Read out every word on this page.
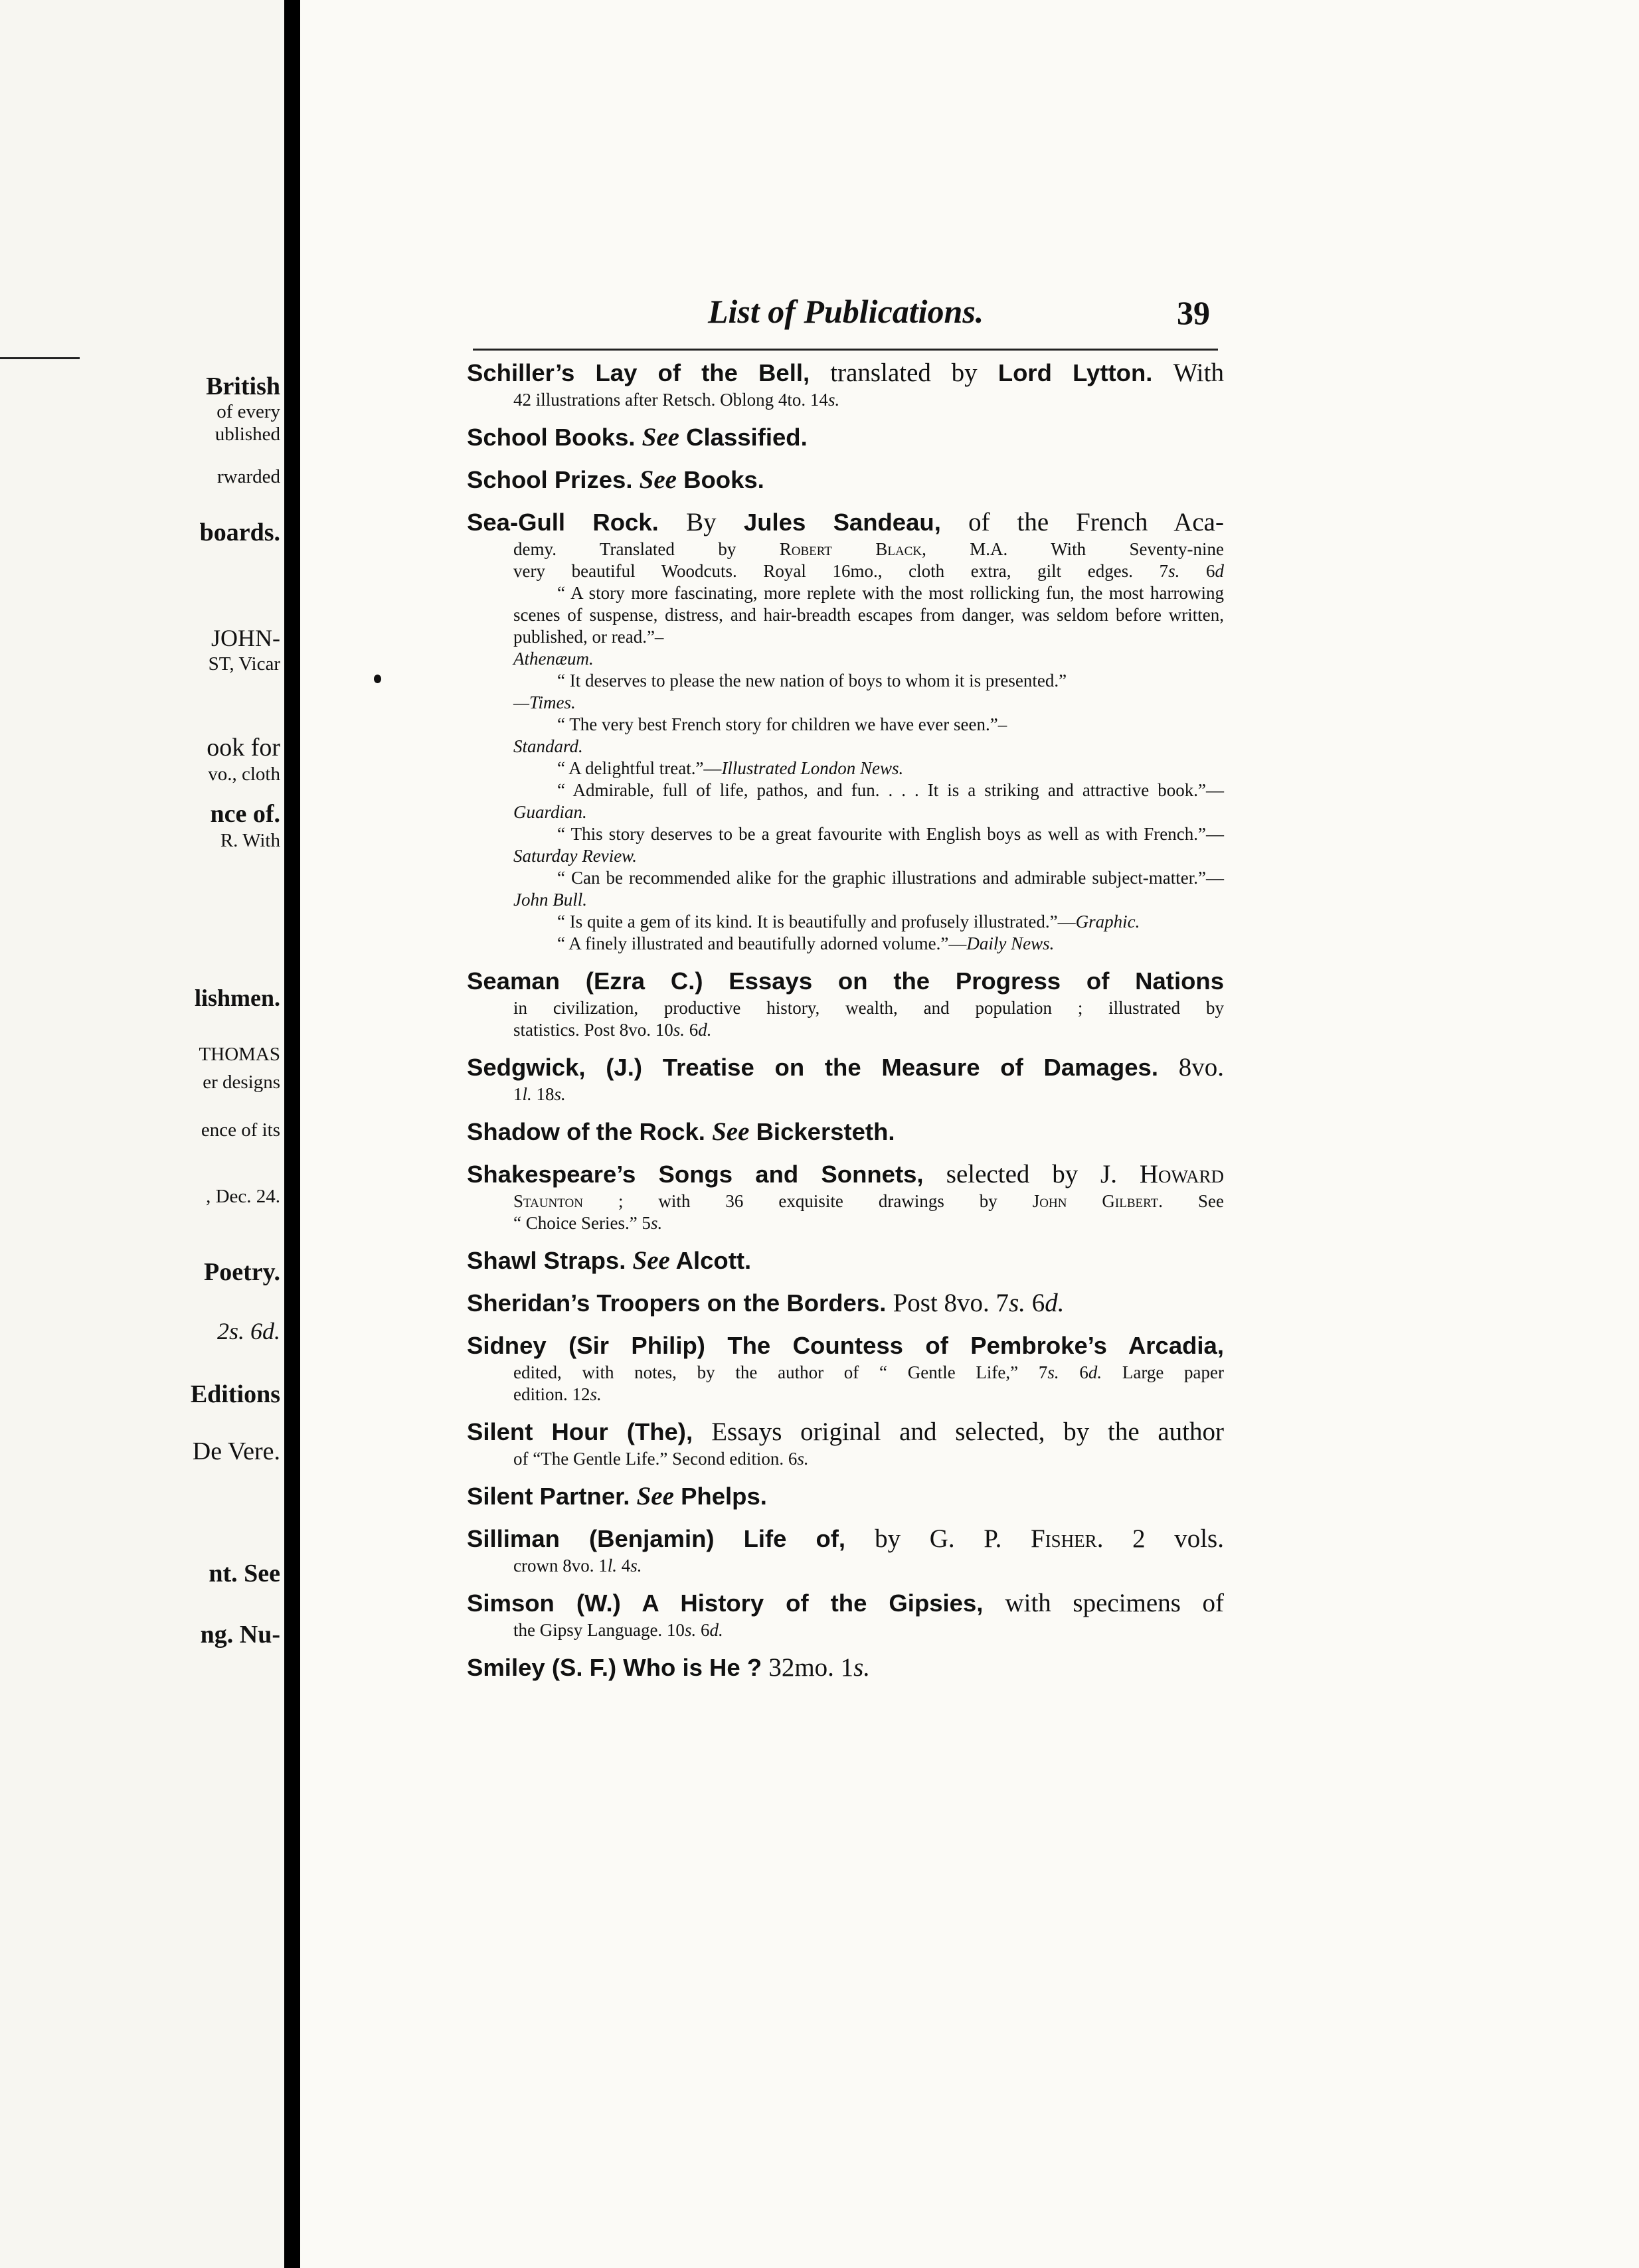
British
of every
ublished
rwarded
boards.
JOHN-
ST, Vicar
ook for
vo., cloth
nce of.
R. With
lishmen.
THOMAS
er designs
ence of its
, Dec. 24.
Poetry.
2s. 6d.
Editions
De Vere.
nt. See
ng. Nu-
List of Publications.	39
Schiller’s Lay of the Bell, translated by Lord Lytton. With
42 illustrations after Retsch. Oblong 4to. 14s.
School Books. See Classified.
School Prizes. See Books.
Sea-Gull Rock. By Jules Sandeau, of the French Aca-
demy. Translated by Robert Black, M.A. With Seventy-nine
very beautiful Woodcuts. Royal 16mo., cloth extra, gilt edges. 7s. 6d
“ A story more fascinating, more replete with the most rollicking fun, the most harrowing scenes of suspense, distress, and hair-breadth escapes from danger, was seldom before written, published, or read.”–
Athenæum.
“ It deserves to please the new nation of boys to whom it is presented.”
—Times.
“ The very best French story for children we have ever seen.”–
Standard.
“ A delightful treat.”—Illustrated London News.
“ Admirable, full of life, pathos, and fun. . . . It is a striking and attractive book.”—Guardian.
“ This story deserves to be a great favourite with English boys as well as with French.”—Saturday Review.
“ Can be recommended alike for the graphic illustrations and admirable subject-matter.”—John Bull.
“ Is quite a gem of its kind. It is beautifully and profusely illustrated.”—Graphic.
“ A finely illustrated and beautifully adorned volume.”—Daily News.
Seaman (Ezra C.) Essays on the Progress of Nations
in civilization, productive history, wealth, and population ; illustrated by
statistics. Post 8vo. 10s. 6d.
Sedgwick, (J.) Treatise on the Measure of Damages. 8vo.
1l. 18s.
Shadow of the Rock. See Bickersteth.
Shakespeare’s Songs and Sonnets, selected by J. Howard
Staunton ; with 36 exquisite drawings by John Gilbert. See
“ Choice Series.” 5s.
Shawl Straps. See Alcott.
Sheridan’s Troopers on the Borders. Post 8vo. 7s. 6d.
Sidney (Sir Philip) The Countess of Pembroke’s Arcadia,
edited, with notes, by the author of “ Gentle Life,” 7s. 6d. Large paper
edition. 12s.
Silent Hour (The), Essays original and selected, by the author
of “The Gentle Life.” Second edition. 6s.
Silent Partner. See Phelps.
Silliman (Benjamin) Life of, by G. P. Fisher. 2 vols.
crown 8vo. 1l. 4s.
Simson (W.) A History of the Gipsies, with specimens of
the Gipsy Language. 10s. 6d.
Smiley (S. F.) Who is He ? 32mo. 1s.
